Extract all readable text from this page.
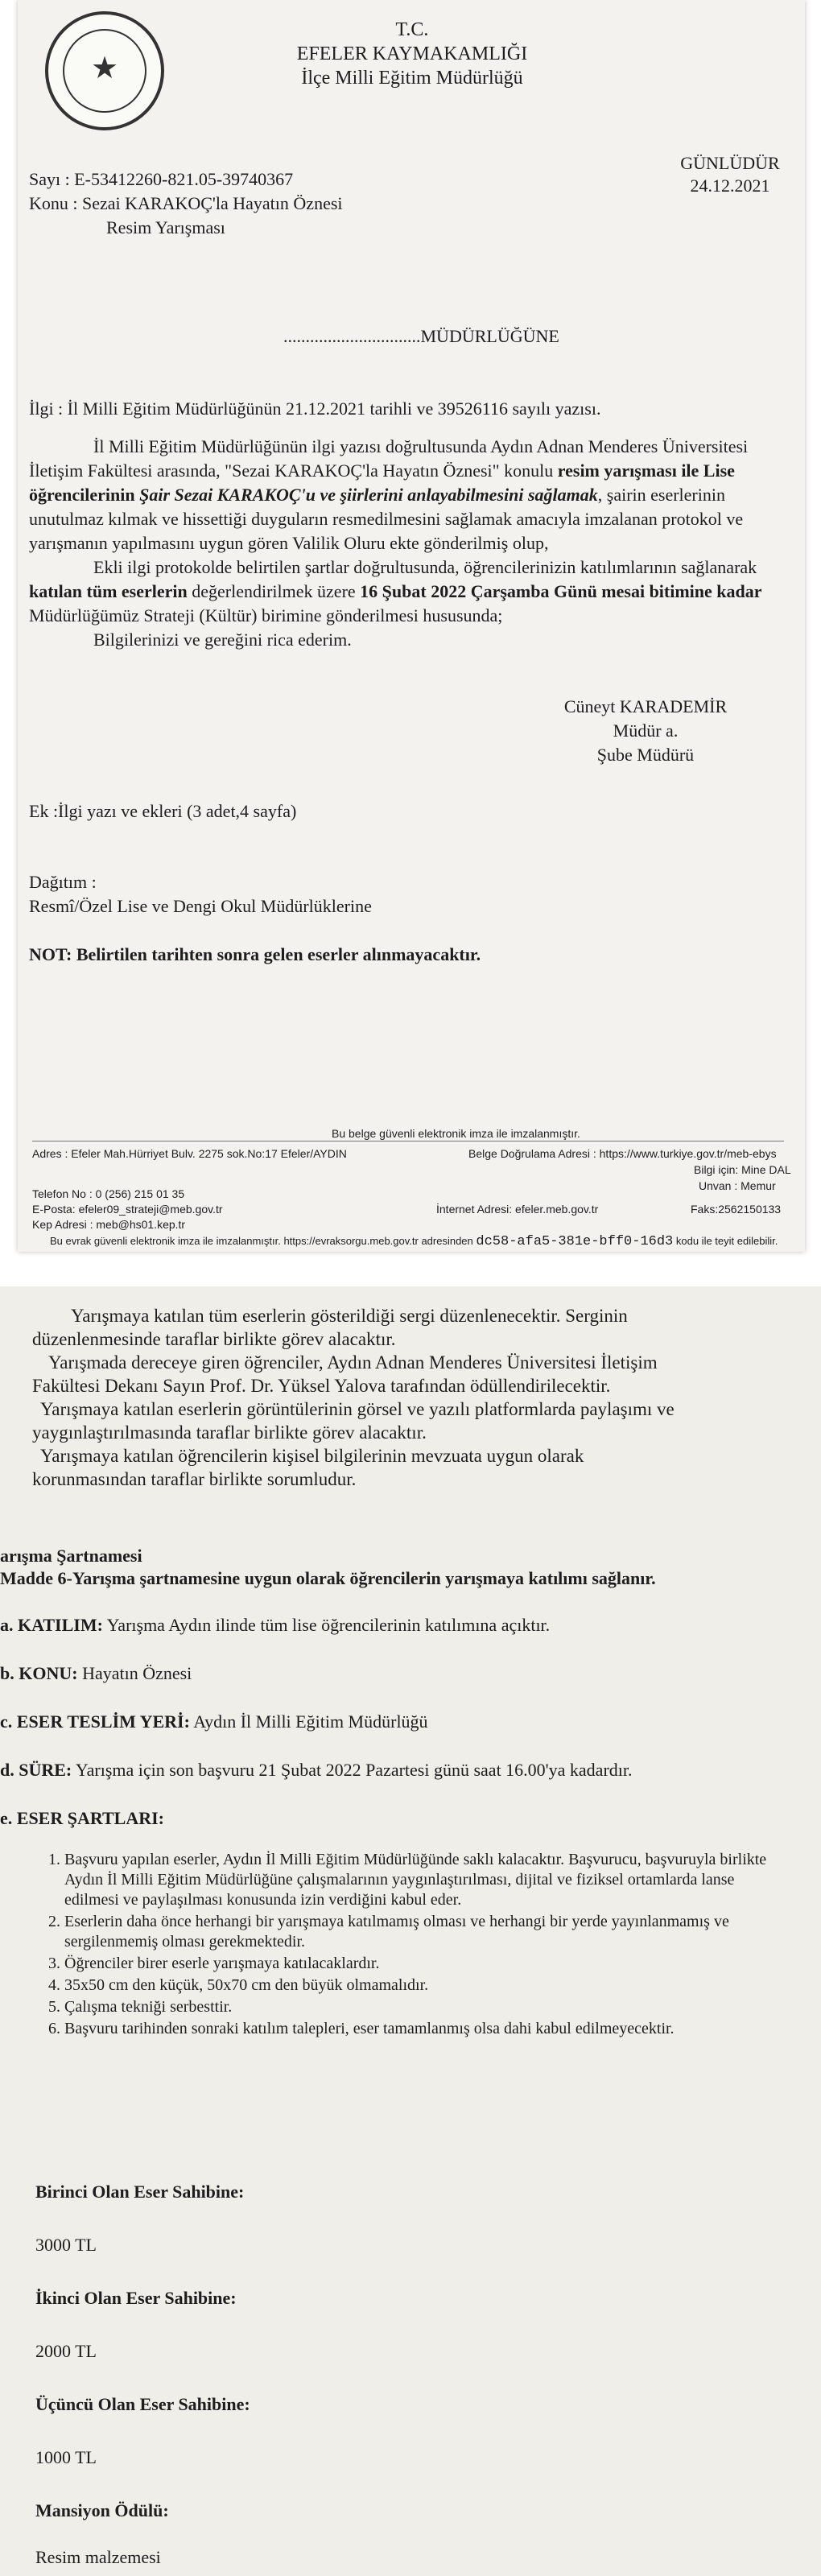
★
T.C.
EFELER KAYMAKAMLIĞI
İlçe Milli Eğitim Müdürlüğü
GÜNLÜDÜR
24.12.2021
Sayı : E-53412260-821.05-39740367
Konu : Sezai KARAKOÇ'la Hayatın Öznesi
Resim Yarışması
...............................MÜDÜRLÜĞÜNE
İlgi : İl Milli Eğitim Müdürlüğünün 21.12.2021 tarihli ve 39526116 sayılı yazısı.
İl Milli Eğitim Müdürlüğünün ilgi yazısı doğrultusunda Aydın Adnan Menderes Üniversitesi
İletişim Fakültesi arasında, "Sezai KARAKOÇ'la Hayatın Öznesi" konulu resim yarışması ile Lise
öğrencilerinin Şair Sezai KARAKOÇ'u ve şiirlerini anlayabilmesini sağlamak, şairin eserlerinin
unutulmaz kılmak ve hissettiği duyguların resmedilmesini sağlamak amacıyla imzalanan protokol ve
yarışmanın yapılmasını uygun gören Valilik Oluru ekte gönderilmiş olup,
Ekli ilgi protokolde belirtilen şartlar doğrultusunda, öğrencilerinizin katılımlarının sağlanarak
katılan tüm eserlerin değerlendirilmek üzere 16 Şubat 2022 Çarşamba Günü mesai bitimine kadar
Müdürlüğümüz Strateji (Kültür) birimine gönderilmesi hususunda;
Bilgilerinizi ve gereğini rica ederim.
Cüneyt KARADEMİR
Müdür a.
Şube Müdürü
Ek :İlgi yazı ve ekleri (3 adet,4 sayfa)
Dağıtım :
Resmî/Özel Lise ve Dengi Okul Müdürlüklerine
NOT: Belirtilen tarihten sonra gelen eserler alınmayacaktır.
Bu belge güvenli elektronik imza ile imzalanmıştır.
Adres : Efeler Mah.Hürriyet Bulv. 2275 sok.No:17 Efeler/AYDIN	Belge Doğrulama Adresi : https://www.turkiye.gov.tr/meb-ebys
Bilgi için: Mine DAL
Unvan : Memur
Telefon No : 0 (256) 215 01 35
E-Posta: efeler09_strateji@meb.gov.tr	İnternet Adresi: efeler.meb.gov.tr	Faks:2562150133
Kep Adresi : meb@hs01.kep.tr
Bu evrak güvenli elektronik imza ile imzalanmıştır. https://evraksorgu.meb.gov.tr adresinden dc58-afa5-381e-bff0-16d3 kodu ile teyit edilebilir.
Yarışmaya katılan tüm eserlerin gösterildiği sergi düzenlenecektir. Serginin
düzenlenmesinde taraflar birlikte görev alacaktır.
Yarışmada dereceye giren öğrenciler, Aydın Adnan Menderes Üniversitesi İletişim
Fakültesi Dekanı Sayın Prof. Dr. Yüksel Yalova tarafından ödüllendirilecektir.
Yarışmaya katılan eserlerin görüntülerinin görsel ve yazılı platformlarda paylaşımı ve
yaygınlaştırılmasında taraflar birlikte görev alacaktır.
Yarışmaya katılan öğrencilerin kişisel bilgilerinin mevzuata uygun olarak
korunmasından taraflar birlikte sorumludur.
arışma Şartnamesi
Madde 6-Yarışma şartnamesine uygun olarak öğrencilerin yarışmaya katılımı sağlanır.
a. KATILIM: Yarışma Aydın ilinde tüm lise öğrencilerinin katılımına açıktır.
b. KONU: Hayatın Öznesi
c. ESER TESLİM YERİ: Aydın İl Milli Eğitim Müdürlüğü
d. SÜRE: Yarışma için son başvuru 21 Şubat 2022 Pazartesi günü saat 16.00'ya kadardır.
e. ESER ŞARTLARI:
1. Başvuru yapılan eserler, Aydın İl Milli Eğitim Müdürlüğünde saklı kalacaktır. Başvurucu, başvuruyla birlikte Aydın İl Milli Eğitim Müdürlüğüne çalışmalarının yaygınlaştırılması, dijital ve fiziksel ortamlarda lanse edilmesi ve paylaşılması konusunda izin verdiğini kabul eder.
2. Eserlerin daha önce herhangi bir yarışmaya katılmamış olması ve herhangi bir yerde yayınlanmamış ve sergilenmemiş olması gerekmektedir.
3. Öğrenciler birer eserle yarışmaya katılacaklardır.
4. 35x50 cm den küçük, 50x70 cm den büyük olmamalıdır.
5. Çalışma tekniği serbesttir.
6. Başvuru tarihinden sonraki katılım talepleri, eser tamamlanmış olsa dahi kabul edilmeyecektir.
Birinci Olan Eser Sahibine:
3000 TL
İkinci Olan Eser Sahibine:
2000 TL
Üçüncü Olan Eser Sahibine:
1000 TL
Mansiyon Ödülü:
Resim malzemesi
